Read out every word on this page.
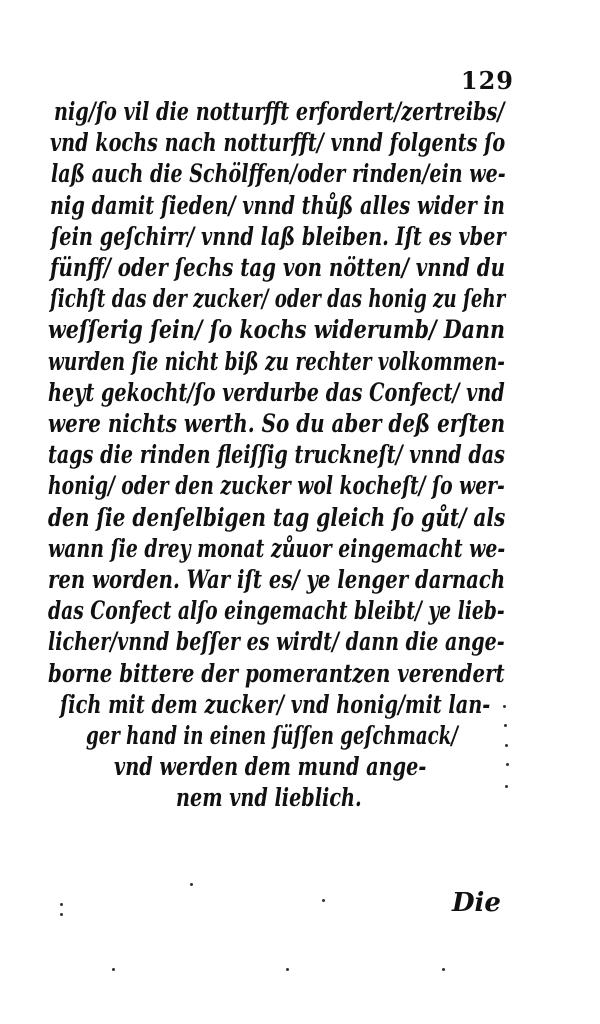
129
nig/ſo vil die notturfft erfordert/zertreibs/
vnd kochs nach notturfft/ vnnd folgents ſo
laß auch die Schölffen/oder rinden/ein we-
nig damit ſieden/ vnnd thůß alles wider in
ſein geſchirr/ vnnd laß bleiben. Iſt es vber
fünff/ oder ſechs tag von nötten/ vnnd du
ſichſt das der zucker/ oder das honig zu ſehr
weſſerig ſein/ ſo kochs widerumb/ Dann
wurden ſie nicht biß zu rechter volkommen-
heyt gekocht/ſo verdurbe das Confect/ vnd
were nichts werth. So du aber deß erſten
tags die rinden fleiſſig truckneſt/ vnnd das
honig/ oder den zucker wol kocheſt/ ſo wer-
den ſie denſelbigen tag gleich ſo gůt/ als
wann ſie drey monat zůuor eingemacht we-
ren worden. War iſt es/ ye lenger darnach
das Confect alſo eingemacht bleibt/ ye lieb-
licher/vnnd beſſer es wirdt/ dann die ange-
borne bittere der pomerantzen verendert
ſich mit dem zucker/ vnd honig/mit lan-
ger hand in einen ſüſſen geſchmack/
vnd werden dem mund ange-
nem vnd lieblich.
Die
